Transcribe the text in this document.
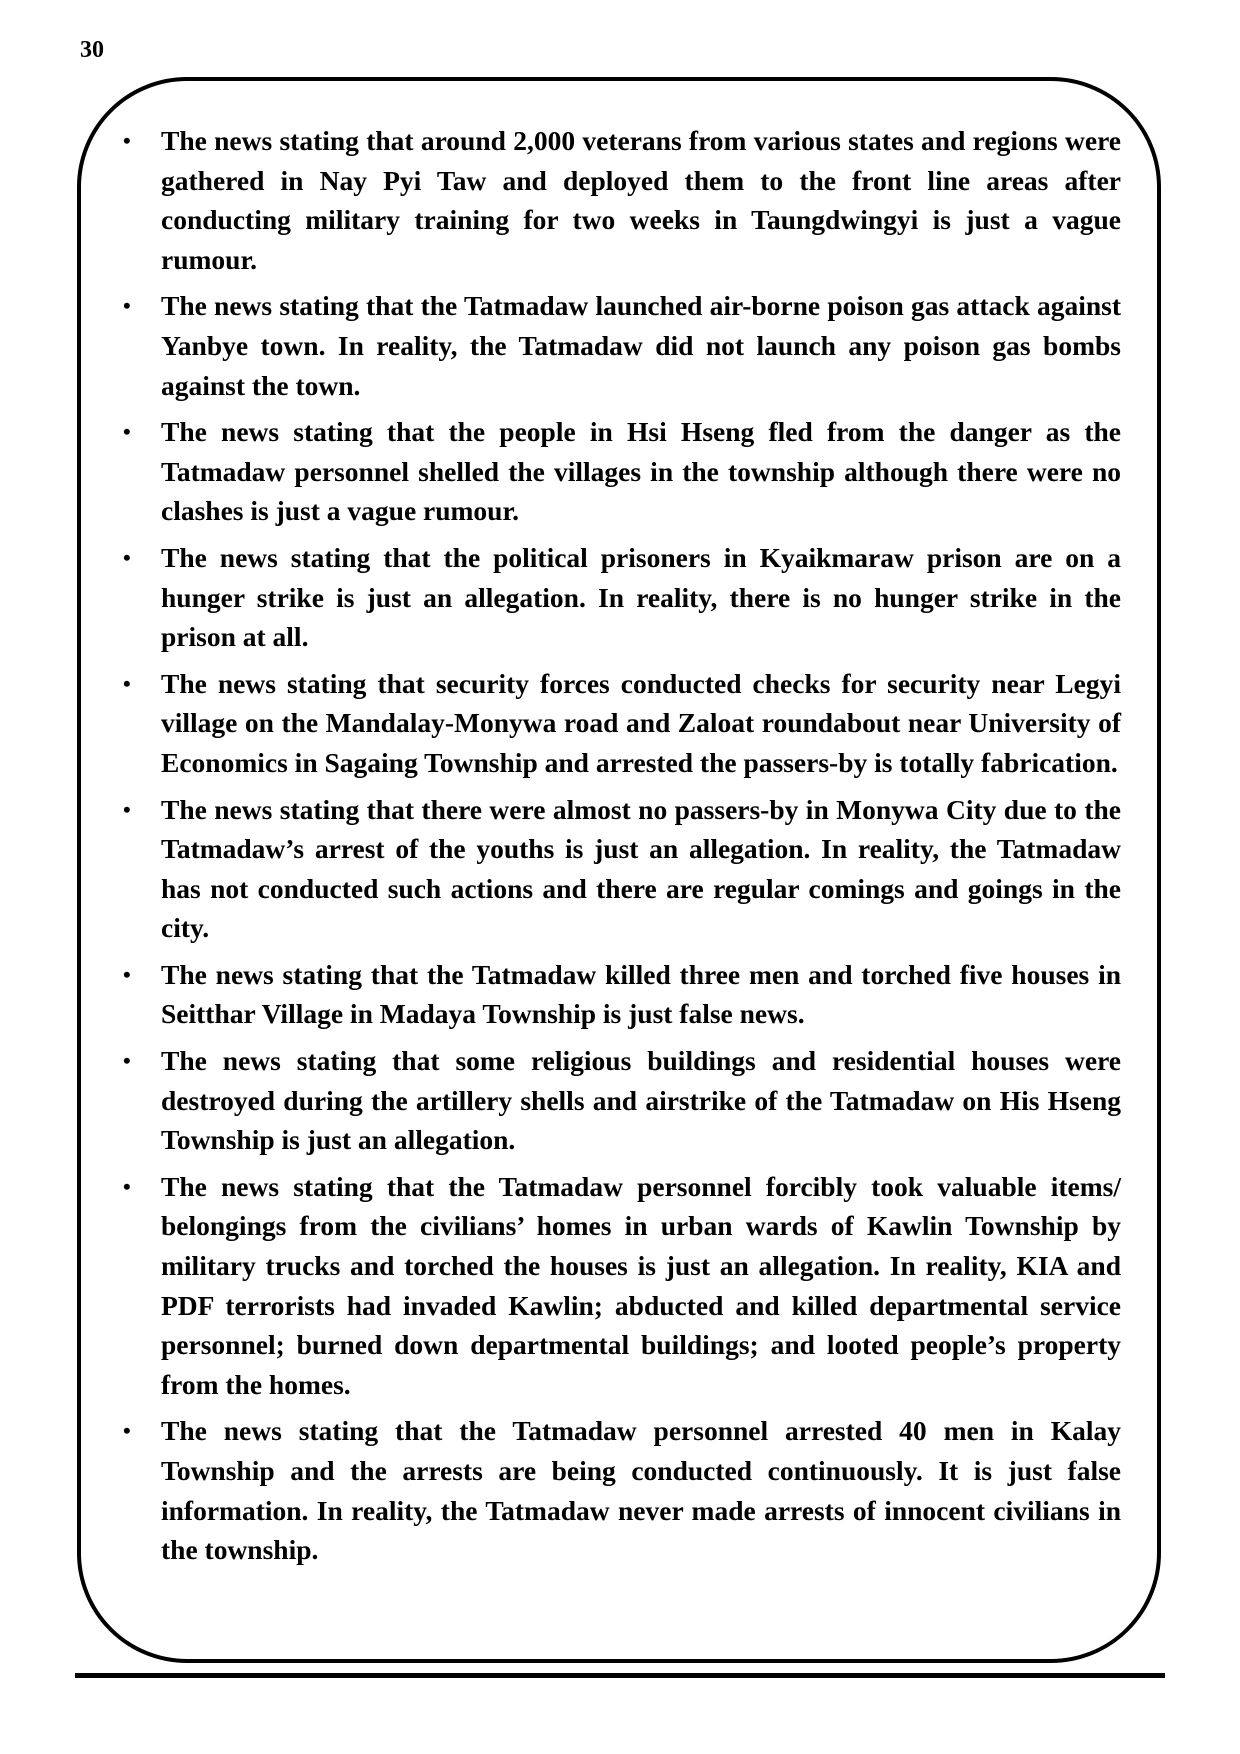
30
• The news stating that around 2,000 veterans from various states and regions were gathered in Nay Pyi Taw and deployed them to the front line areas after conducting military training for two weeks in Taungdwingyi is just a vague rumour.
• The news stating that the Tatmadaw launched air-borne poison gas attack against Yanbye town. In reality, the Tatmadaw did not launch any poison gas bombs against the town.
• The news stating that the people in Hsi Hseng fled from the danger as the Tatmadaw personnel shelled the villages in the township although there were no clashes is just a vague rumour.
• The news stating that the political prisoners in Kyaikmaraw prison are on a hunger strike is just an allegation. In reality, there is no hunger strike in the prison at all.
• The news stating that security forces conducted checks for security near Legyi village on the Mandalay-Monywa road and Zaloat roundabout near University of Economics in Sagaing Township and arrested the passers-by is totally fabrication.
• The news stating that there were almost no passers-by in Monywa City due to the Tatmadaw’s arrest of the youths is just an allegation. In reality, the Tatmadaw has not conducted such actions and there are regular comings and goings in the city.
• The news stating that the Tatmadaw killed three men and torched five houses in Seitthar Village in Madaya Township is just false news.
• The news stating that some religious buildings and residential houses were destroyed during the artillery shells and airstrike of the Tatmadaw on His Hseng Township is just an allegation.
• The news stating that the Tatmadaw personnel forcibly took valuable items/ belongings from the civilians’ homes in urban wards of Kawlin Township by military trucks and torched the houses is just an allegation. In reality, KIA and PDF terrorists had invaded Kawlin; abducted and killed departmental service personnel; burned down departmental buildings; and looted people’s property from the homes.
• The news stating that the Tatmadaw personnel arrested 40 men in Kalay Township and the arrests are being conducted continuously. It is just false information. In reality, the Tatmadaw never made arrests of innocent civilians in the township.
